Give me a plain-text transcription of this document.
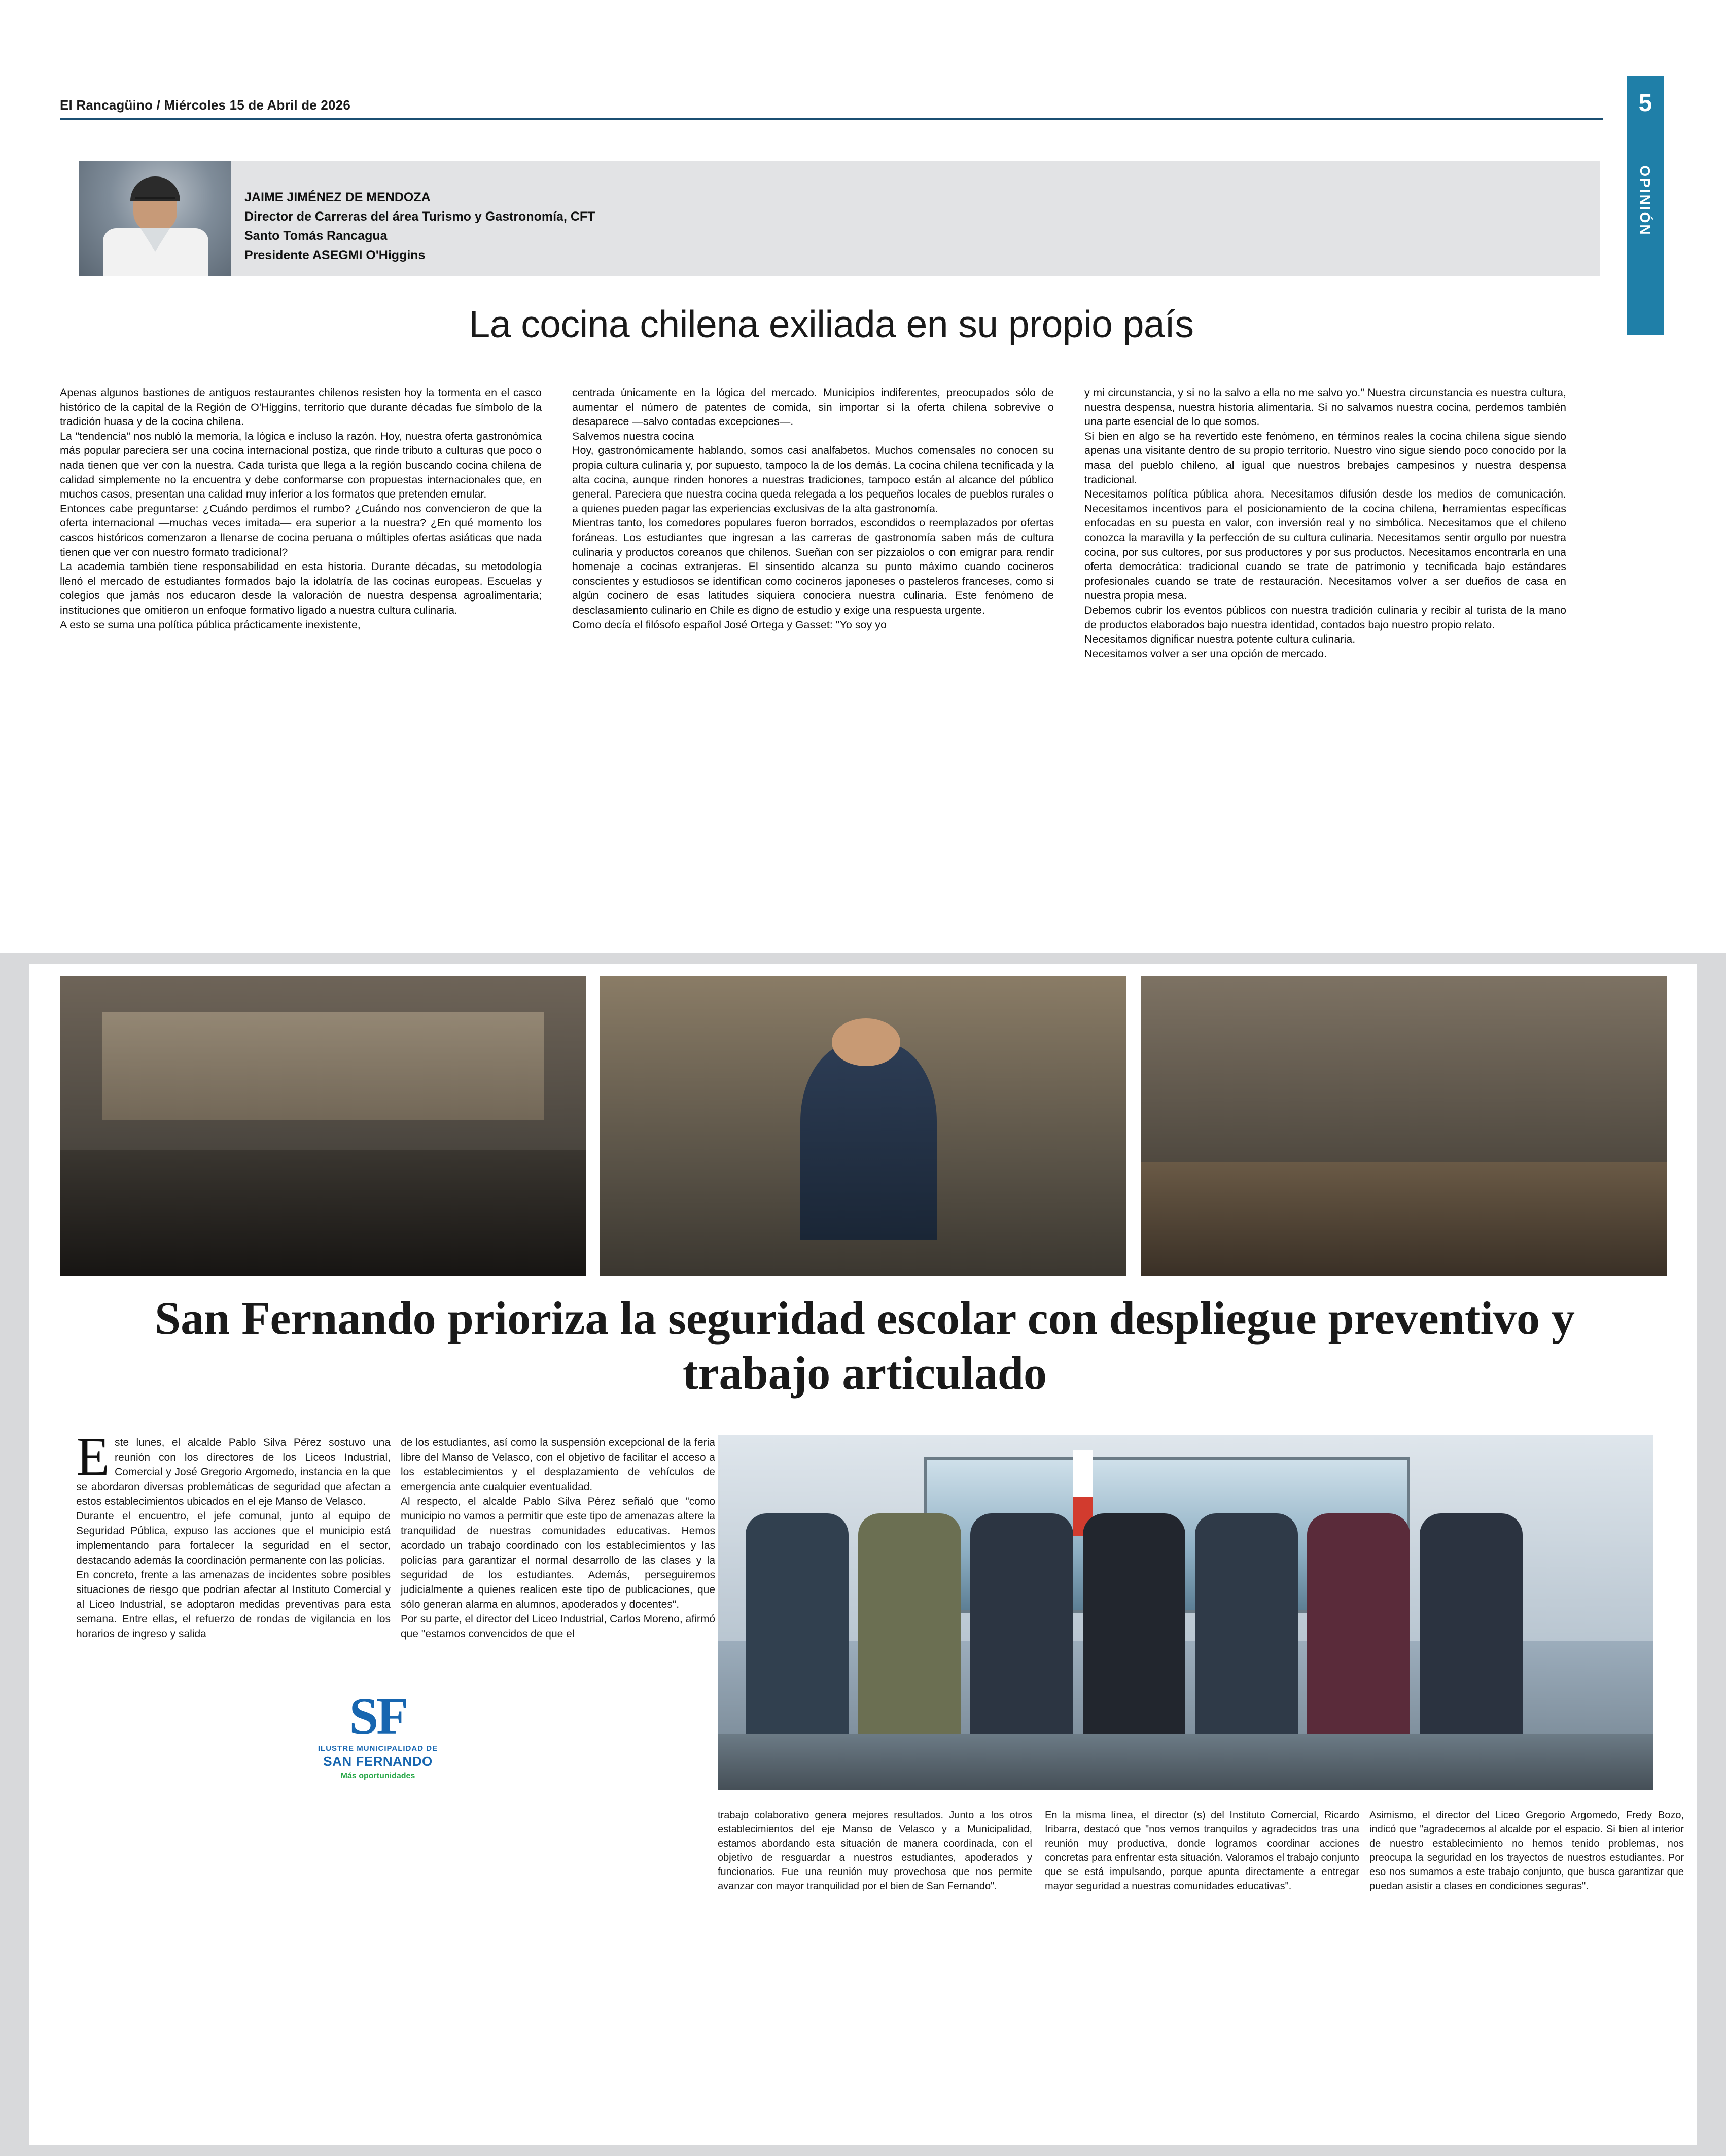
El Rancagüino / Miércoles 15 de Abril de 2026	5
OPINIÓN
JAIME JIMÉNEZ DE MENDOZA
Director de Carreras del área Turismo y Gastronomía, CFT
Santo Tomás Rancagua
Presidente ASEGMI O'Higgins
La cocina chilena exiliada en su propio país

Apenas algunos bastiones de antiguos restaurantes chilenos resisten hoy la tormenta en el casco histórico de la capital de la Región de O'Higgins, territorio que durante décadas fue símbolo de la tradición huasa y de la cocina chilena.

La "tendencia" nos nubló la memoria, la lógica e incluso la razón. Hoy, nuestra oferta gastronómica más popular pareciera ser una cocina internacional postiza, que rinde tributo a culturas que poco o nada tienen que ver con la nuestra. Cada turista que llega a la región buscando cocina chilena de calidad simplemente no la encuentra y debe conformarse con propuestas internacionales que, en muchos casos, presentan una calidad muy inferior a los formatos que pretenden emular.

Entonces cabe preguntarse: ¿Cuándo perdimos el rumbo? ¿Cuándo nos convencieron de que la oferta internacional —muchas veces imitada— era superior a la nuestra? ¿En qué momento los cascos históricos comenzaron a llenarse de cocina peruana o múltiples ofertas asiáticas que nada tienen que ver con nuestro formato tradicional?

La academia también tiene responsabilidad en esta historia. Durante décadas, su metodología llenó el mercado de estudiantes formados bajo la idolatría de las cocinas europeas. Escuelas y colegios que jamás nos educaron desde la valoración de nuestra despensa agroalimentaria; instituciones que omitieron un enfoque formativo ligado a nuestra cultura culinaria.

A esto se suma una política pública prácticamente inexistente,

centrada únicamente en la lógica del mercado. Municipios indiferentes, preocupados sólo de aumentar el número de patentes de comida, sin importar si la oferta chilena sobrevive o desaparece —salvo contadas excepciones—.

Salvemos nuestra cocina

Hoy, gastronómicamente hablando, somos casi analfabetos. Muchos comensales no conocen su propia cultura culinaria y, por supuesto, tampoco la de los demás. La cocina chilena tecnificada y la alta cocina, aunque rinden honores a nuestras tradiciones, tampoco están al alcance del público general. Pareciera que nuestra cocina queda relegada a los pequeños locales de pueblos rurales o a quienes pueden pagar las experiencias exclusivas de la alta gastronomía.

Mientras tanto, los comedores populares fueron borrados, escondidos o reemplazados por ofertas foráneas. Los estudiantes que ingresan a las carreras de gastronomía saben más de cultura culinaria y productos coreanos que chilenos. Sueñan con ser pizzaiolos o con emigrar para rendir homenaje a cocinas extranjeras. El sinsentido alcanza su punto máximo cuando cocineros conscientes y estudiosos se identifican como cocineros japoneses o pasteleros franceses, como si algún cocinero de esas latitudes siquiera conociera nuestra culinaria. Este fenómeno de desclasamiento culinario en Chile es digno de estudio y exige una respuesta urgente.

Como decía el filósofo español José Ortega y Gasset: "Yo soy yo

y mi circunstancia, y si no la salvo a ella no me salvo yo." Nuestra circunstancia es nuestra cultura, nuestra despensa, nuestra historia alimentaria. Si no salvamos nuestra cocina, perdemos también una parte esencial de lo que somos.

Si bien en algo se ha revertido este fenómeno, en términos reales la cocina chilena sigue siendo apenas una visitante dentro de su propio territorio. Nuestro vino sigue siendo poco conocido por la masa del pueblo chileno, al igual que nuestros brebajes campesinos y nuestra despensa tradicional.

Necesitamos política pública ahora. Necesitamos difusión desde los medios de comunicación. Necesitamos incentivos para el posicionamiento de la cocina chilena, herramientas específicas enfocadas en su puesta en valor, con inversión real y no simbólica. Necesitamos que el chileno conozca la maravilla y la perfección de su cultura culinaria. Necesitamos sentir orgullo por nuestra cocina, por sus cultores, por sus productores y por sus productos. Necesitamos encontrarla en una oferta democrática: tradicional cuando se trate de patrimonio y tecnificada bajo estándares profesionales cuando se trate de restauración. Necesitamos volver a ser dueños de casa en nuestra propia mesa.

Debemos cubrir los eventos públicos con nuestra tradición culinaria y recibir al turista de la mano de productos elaborados bajo nuestra identidad, contados bajo nuestro propio relato.

Necesitamos dignificar nuestra potente cultura culinaria.

Necesitamos volver a ser una opción de mercado.

San Fernando prioriza la seguridad escolar con despliegue preventivo y trabajo articulado

Este lunes, el alcalde Pablo Silva Pérez sostuvo una reunión con los directores de los Liceos Industrial, Comercial y José Gregorio Argomedo, instancia en la que se abordaron diversas problemáticas de seguridad que afectan a estos establecimientos ubicados en el eje Manso de Velasco.

Durante el encuentro, el jefe comunal, junto al equipo de Seguridad Pública, expuso las acciones que el municipio está implementando para fortalecer la seguridad en el sector, destacando además la coordinación permanente con las policías.

En concreto, frente a las amenazas de incidentes sobre posibles situaciones de riesgo que podrían afectar al Instituto Comercial y al Liceo Industrial, se adoptaron medidas preventivas para esta semana. Entre ellas, el refuerzo de rondas de vigilancia en los horarios de ingreso y salida

de los estudiantes, así como la suspensión excepcional de la feria libre del Manso de Velasco, con el objetivo de facilitar el acceso a los establecimientos y el desplazamiento de vehículos de emergencia ante cualquier eventualidad.

Al respecto, el alcalde Pablo Silva Pérez señaló que "como municipio no vamos a permitir que este tipo de amenazas altere la tranquilidad de nuestras comunidades educativas. Hemos acordado un trabajo coordinado con los establecimientos y las policías para garantizar el normal desarrollo de las clases y la seguridad de los estudiantes. Además, perseguiremos judicialmente a quienes realicen este tipo de publicaciones, que sólo generan alarma en alumnos, apoderados y docentes".

Por su parte, el director del Liceo Industrial, Carlos Moreno, afirmó que "estamos convencidos de que el

SF
ILUSTRE MUNICIPALIDAD DE
SAN FERNANDO
Más oportunidades

trabajo colaborativo genera mejores resultados. Junto a los otros establecimientos del eje Manso de Velasco y a Municipalidad, estamos abordando esta situación de manera coordinada, con el objetivo de resguardar a nuestros estudiantes, apoderados y funcionarios. Fue una reunión muy provechosa que nos permite avanzar con mayor tranquilidad por el bien de San Fernando".

En la misma línea, el director (s) del Instituto Comercial, Ricardo Iribarra, destacó que "nos vemos tranquilos y agradecidos tras una reunión muy productiva, donde logramos coordinar acciones concretas para enfrentar esta situación. Valoramos el trabajo conjunto que se está impulsando, porque apunta directamente a entregar mayor seguridad a nuestras comunidades educativas".

Asimismo, el director del Liceo Gregorio Argomedo, Fredy Bozo, indicó que "agradecemos al alcalde por el espacio. Si bien al interior de nuestro establecimiento no hemos tenido problemas, nos preocupa la seguridad en los trayectos de nuestros estudiantes. Por eso nos sumamos a este trabajo conjunto, que busca garantizar que puedan asistir a clases en condiciones seguras".
